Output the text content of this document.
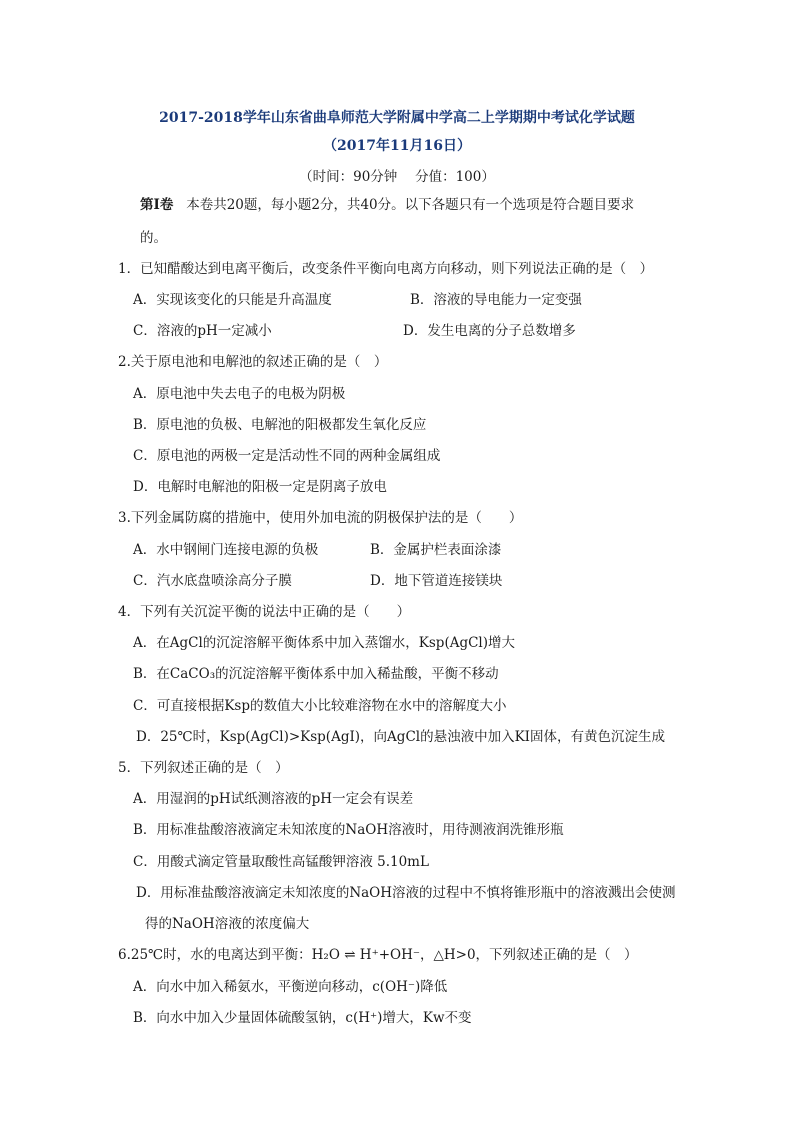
2017-2018学年山东省曲阜师范大学附属中学高二上学期期中考试化学试题
（2017年11月16日）
（时间：90分钟　 分值：100）
第Ⅰ卷 本卷共20题，每小题2分，共40分。以下各题只有一个选项是符合题目要求
的。
1．已知醋酸达到电离平衡后，改变条件平衡向电离方向移动，则下列说法正确的是（　）
A．实现该变化的只能是升高温度	B．溶液的导电能力一定变强
C．溶液的pH一定减小	D．发生电离的分子总数增多
2.关于原电池和电解池的叙述正确的是（　）
A．原电池中失去电子的电极为阴极
B．原电池的负极、电解池的阳极都发生氧化反应
C．原电池的两极一定是活动性不同的两种金属组成
D．电解时电解池的阳极一定是阴离子放电
3.下列金属防腐的措施中，使用外加电流的阴极保护法的是（　　）
A．水中钢闸门连接电源的负极	B．金属护栏表面涂漆
C．汽水底盘喷涂高分子膜	D．地下管道连接镁块
4．下列有关沉淀平衡的说法中正确的是（　　）
A．在AgCl的沉淀溶解平衡体系中加入蒸馏水，Ksp(AgCl)增大
B．在CaCO₃的沉淀溶解平衡体系中加入稀盐酸，平衡不移动
C．可直接根据Ksp的数值大小比较难溶物在水中的溶解度大小
D．25℃时，Ksp(AgCl)>Ksp(AgI)，向AgCl的悬浊液中加入KI固体，有黄色沉淀生成
5．下列叙述正确的是（　）
A．用湿润的pH试纸测溶液的pH一定会有误差
B．用标准盐酸溶液滴定未知浓度的NaOH溶液时，用待测液润洗锥形瓶
C．用酸式滴定管量取酸性高锰酸钾溶液 5.10mL
D．用标准盐酸溶液滴定未知浓度的NaOH溶液的过程中不慎将锥形瓶中的溶液溅出会使测
得的NaOH溶液的浓度偏大
6.25℃时，水的电离达到平衡：H₂O ⇌ H⁺+OH⁻，△H>0，下列叙述正确的是（　）
A．向水中加入稀氨水，平衡逆向移动，c(OH⁻)降低
B．向水中加入少量固体硫酸氢钠，c(H⁺)增大，Kw不变
